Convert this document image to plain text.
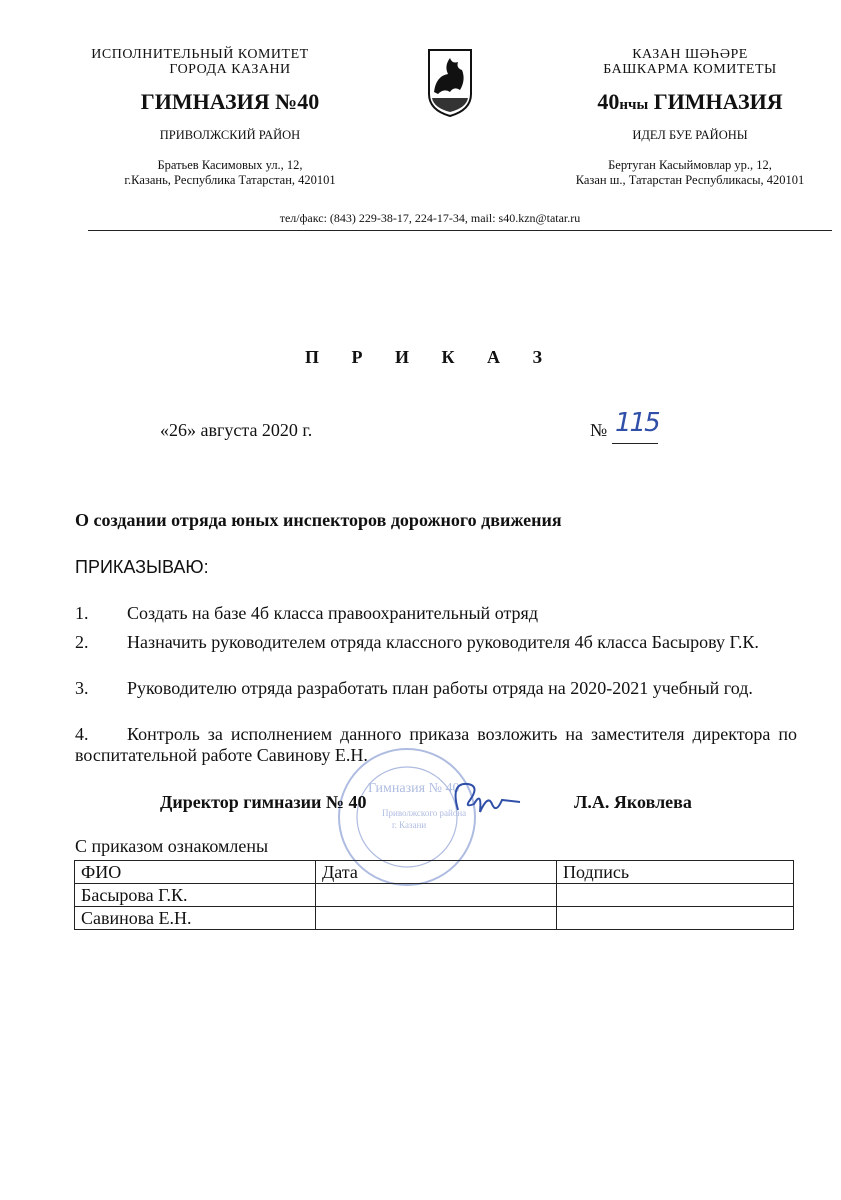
ИСПОЛНИТЕЛЬНЫЙ КОМИТЕТ
ГОРОДА КАЗАНИ
ГИМНАЗИЯ №40
ПРИВОЛЖСКИЙ РАЙОН
Братьев Касимовых ул., 12,
г.Казань, Республика Татарстан, 420101
КАЗАН ШӘҺӘРЕ
БАШКАРМА КОМИТЕТЫ
40нчы ГИМНАЗИЯ
ИДЕЛ БУЕ РАЙОНЫ
Бертуган Касыймовлар ур., 12,
Казан ш., Татарстан Республикасы, 420101
тел/факс: (843) 229-38-17, 224-17-34, mail: s40.kzn@tatar.ru
П Р И К А З
«26» августа 2020 г.	№ 115
О создании отряда юных инспекторов дорожного движения
ПРИКАЗЫВАЮ:
1. Создать на базе 4б класса правоохранительный отряд
2. Назначить руководителем отряда классного руководителя 4б класса Басырову Г.К.
3. Руководителю отряда разработать план работы отряда на 2020-2021 учебный год.
4. Контроль за исполнением данного приказа возложить на заместителя директора по воспитательной работе Савинову Е.Н.
Гимназия № 40
Приволжского района
г. Казани
Директор гимназии № 40	Л.А. Яковлева
С приказом ознакомлены
ФИО	Дата	Подпись
Басырова Г.К.		
Савинова Е.Н.		
